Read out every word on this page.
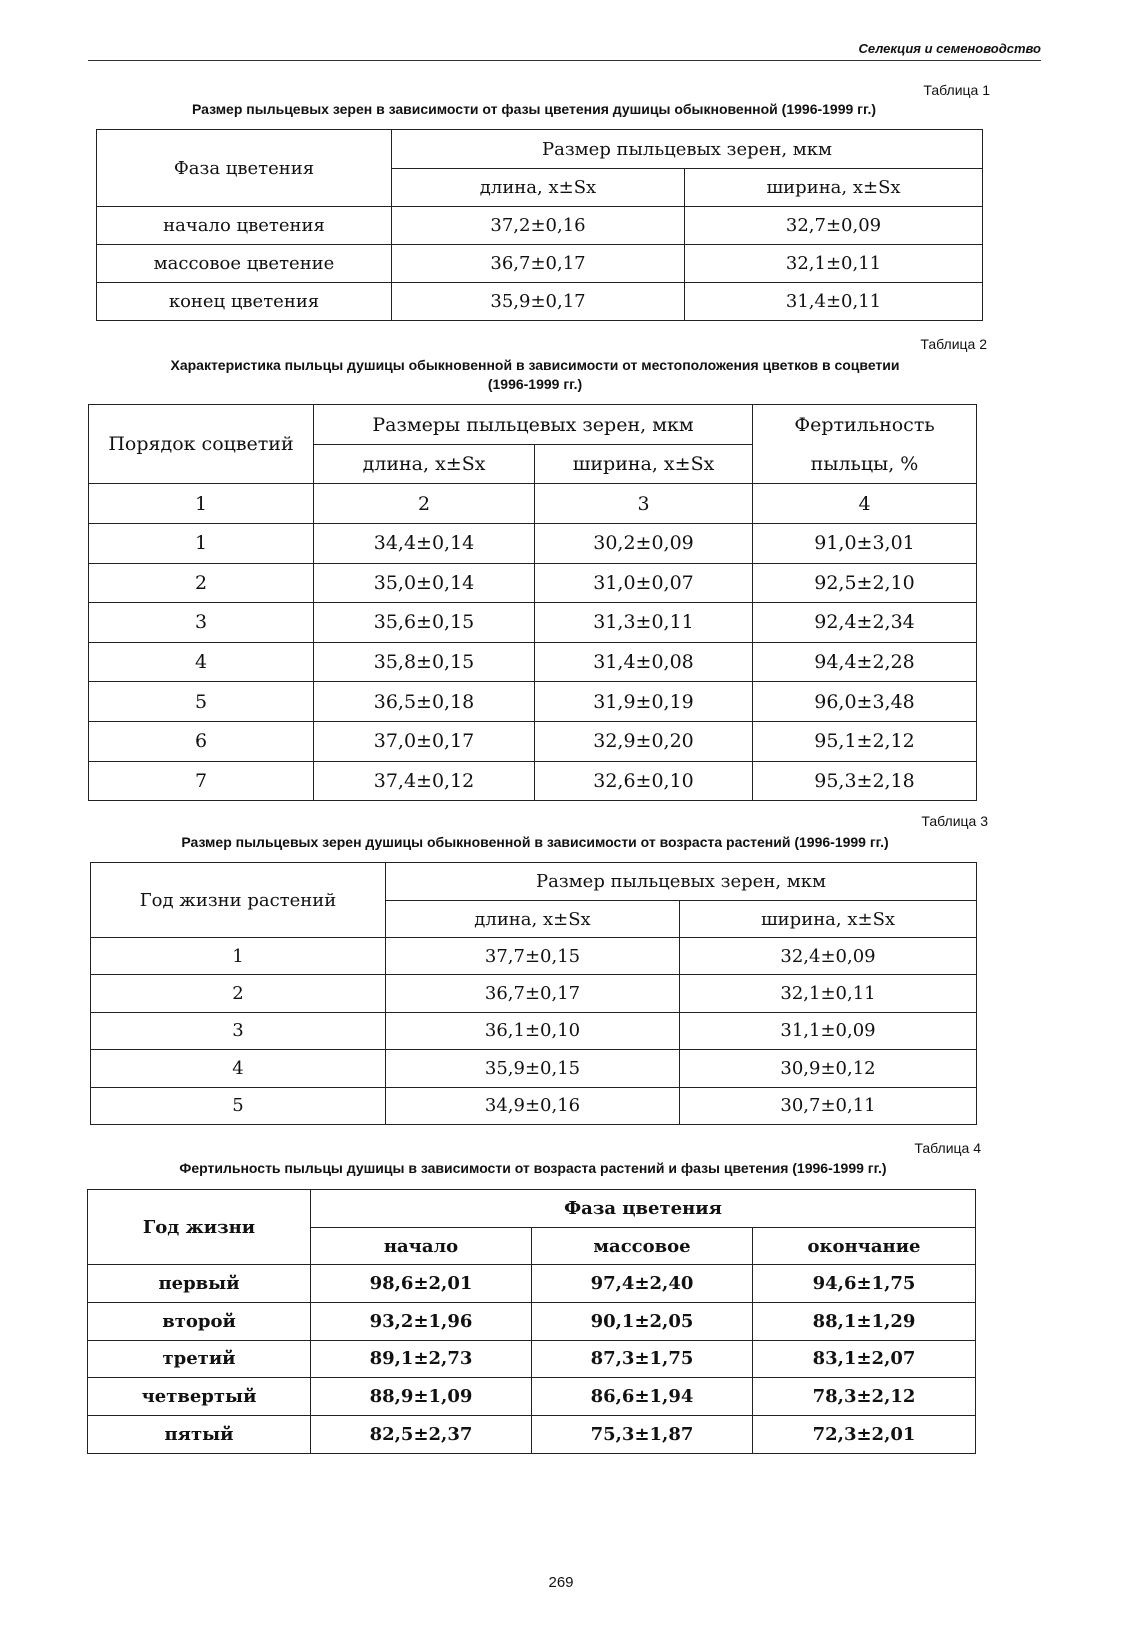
Селекция и семеноводство
Таблица 1
Размер пыльцевых зерен в зависимости от фазы цветения душицы обыкновенной (1996-1999 гг.)
Фаза цветения	Размер пыльцевых зерен, мкм	
	длина, x±Sx	ширина, x±Sx
начало цветения	37,2±0,16	32,7±0,09
массовое цветение	36,7±0,17	32,1±0,11
конец цветения	35,9±0,17	31,4±0,11
Таблица 2
Характеристика пыльцы душицы обыкновенной в зависимости от местоположения цветков в соцветии
(1996-1999 гг.)
Порядок соцветий	Размеры пыльцевых зерен, мкм		Фертильность
	длина, x±Sx	ширина, x±Sx	пыльцы, %
1	2	3	4
1	34,4±0,14	30,2±0,09	91,0±3,01
2	35,0±0,14	31,0±0,07	92,5±2,10
3	35,6±0,15	31,3±0,11	92,4±2,34
4	35,8±0,15	31,4±0,08	94,4±2,28
5	36,5±0,18	31,9±0,19	96,0±3,48
6	37,0±0,17	32,9±0,20	95,1±2,12
7	37,4±0,12	32,6±0,10	95,3±2,18
Таблица 3
Размер пыльцевых зерен душицы обыкновенной в зависимости от возраста растений (1996-1999 гг.)
Год жизни растений	Размер пыльцевых зерен, мкм	
	длина, x±Sx	ширина, x±Sx
1	37,7±0,15	32,4±0,09
2	36,7±0,17	32,1±0,11
3	36,1±0,10	31,1±0,09
4	35,9±0,15	30,9±0,12
5	34,9±0,16	30,7±0,11
Таблица 4
Фертильность пыльцы душицы в зависимости от возраста растений и фазы цветения (1996-1999 гг.)
Год жизни	Фаза цветения		
	начало	массовое	окончание
первый	98,6±2,01	97,4±2,40	94,6±1,75
второй	93,2±1,96	90,1±2,05	88,1±1,29
третий	89,1±2,73	87,3±1,75	83,1±2,07
четвертый	88,9±1,09	86,6±1,94	78,3±2,12
пятый	82,5±2,37	75,3±1,87	72,3±2,01
269
